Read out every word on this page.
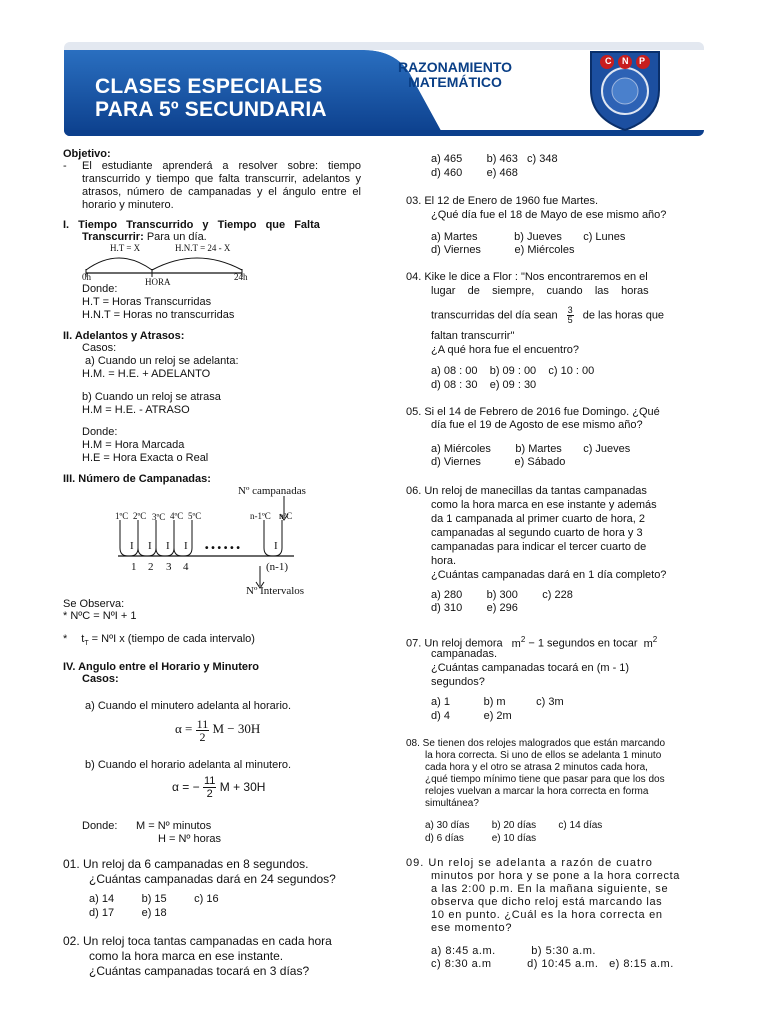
CLASES ESPECIALES
PARA 5º SECUNDARIA
RAZONAMIENTO
MATEMÁTICO
C N P
Objetivo:
- El estudiante aprenderá a resolver sobre: tiempo transcurrido y tiempo que falta transcurrir, adelantos y atrasos, número de campanadas y el ángulo entre el horario y minutero.
I. Tiempo Transcurrido y Tiempo que Falta
Transcurrir: Para un día.
H.T = X	H.N.T = 24 - X
0h	HORA	24h
Donde:
H.T = Horas Transcurridas
H.N.T = Horas no transcurridas
II. Adelantos y Atrasos:
Casos:
a) Cuando un reloj se adelanta:
H.M. = H.E. + ADELANTO
b) Cuando un reloj se atrasa
H.M = H.E. - ATRASO
Donde:
H.M = Hora Marcada
H.E = Hora Exacta o Real
III. Número de Campanadas:
Nº campanadas
1ºC 2ºC 3ºC 4ºC 5ºC	n-1ºC nºC
I I I I • • • • • •	I
1 2 3 4	(n-1)
Nº Intervalos
Se Observa:
* NºC = NºI + 1
* $t_T$ = NºI x (tiempo de cada intervalo)
IV. Angulo entre el Horario y Minutero
Casos:
a) Cuando el minutero adelanta al horario.
$\alpha = \frac{11}{2}$ M − 30H
b) Cuando el horario adelanta al minutero.
α = − $\frac{11}{2}$ M + 30H
Donde: M = Nº minutos
H = Nº horas
01. Un reloj da 6 campanadas en 8 segundos.
¿Cuántas campanadas dará en 24 segundos?
a) 14         b) 15         c) 16
d) 17         e) 18
02. Un reloj toca tantas campanadas en cada hora
como la hora marca en ese instante.
¿Cuántas campanadas tocará en 3 días?
a) 465        b) 463   c) 348
d) 460        e) 468
03. El 12 de Enero de 1960 fue Martes.
¿Qué día fue el 18 de Mayo de ese mismo año?
a) Martes            b) Jueves       c) Lunes
d) Viernes           e) Miércoles
04. Kike le dice a Flor : "Nos encontraremos en el
lugar    de    siempre,    cuando    las    horas
transcurridas del día sean $\frac{3}{5}$ de las horas que
faltan transcurrir"
¿A qué hora fue el encuentro?
a) 08 : 00    b) 09 : 00    c) 10 : 00
d) 08 : 30    e) 09 : 30
05. Si el 14 de Febrero de 2016 fue Domingo. ¿Qué
día fue el 19 de Agosto de ese mismo año?
a) Miércoles        b) Martes       c) Jueves
d) Viernes           e) Sábado
06. Un reloj de manecillas da tantas campanadas
como la hora marca en ese instante y además
da 1 campanada al primer cuarto de hora, 2
campanadas al segundo cuarto de hora y 3
campanadas para indicar el tercer cuarto de
hora.
¿Cuántas campanadas dará en 1 día completo?
a) 280        b) 300        c) 228
d) 310        e) 296
07. Un reloj demora $m^2 - 1$ segundos en tocar $m^2$
campanadas.
¿Cuántas campanadas tocará en (m - 1)
segundos?
a) 1           b) m          c) 3m
d) 4           e) 2m
08. Se tienen dos relojes malogrados que están marcando
la hora correcta. Si uno de ellos se adelanta 1 minuto
cada hora y el otro se atrasa 2 minutos cada hora,
¿qué tiempo mínimo tiene que pasar para que los dos
relojes vuelvan a marcar la hora correcta en forma
simultánea?
a) 30 días        b) 20 días        c) 14 días
d) 6 días          e) 10 días
09. Un reloj se adelanta a razón de cuatro
minutos por hora y se pone a la hora correcta
a las 2:00 p.m. En la mañana siguiente, se
observa que dicho reloj está marcando las
10 en punto. ¿Cuál es la hora correcta en
ese momento?
a) 8:45 a.m.          b) 5:30 a.m.
c) 8:30 a.m          d) 10:45 a.m.   e) 8:15 a.m.
